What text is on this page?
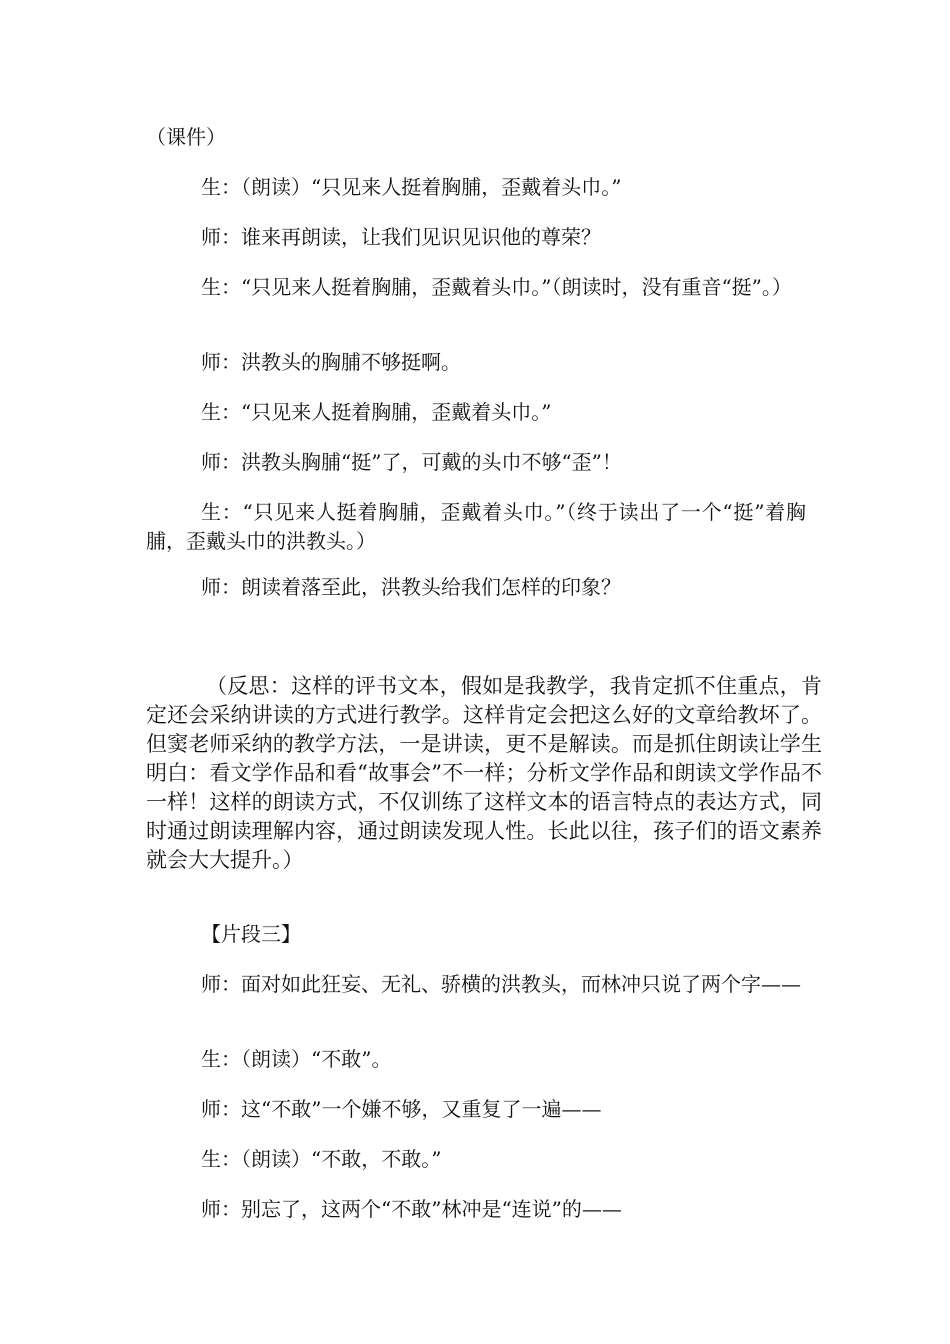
（课件）

生：（朗读）“只见来人挺着胸脯，歪戴着头巾。”

师：谁来再朗读，让我们见识见识他的尊荣？

生：“只见来人挺着胸脯，歪戴着头巾。”（朗读时，没有重音“挺”。）

师：洪教头的胸脯不够挺啊。

生：“只见来人挺着胸脯，歪戴着头巾。”

师：洪教头胸脯“挺”了，可戴的头巾不够“歪”！

生：“只见来人挺着胸脯，歪戴着头巾。”（终于读出了一个“挺”着胸脯，歪戴头巾的洪教头。）

师：朗读着落至此，洪教头给我们怎样的印象？

（反思：这样的评书文本，假如是我教学，我肯定抓不住重点，肯定还会采纳讲读的方式进行教学。这样肯定会把这么好的文章给教坏了。但窦老师采纳的教学方法，一是讲读，更不是解读。而是抓住朗读让学生明白：看文学作品和看“故事会”不一样；分析文学作品和朗读文学作品不一样！这样的朗读方式，不仅训练了这样文本的语言特点的表达方式，同时通过朗读理解内容，通过朗读发现人性。长此以往，孩子们的语文素养就会大大提升。）

【片段三】

师：面对如此狂妄、无礼、骄横的洪教头，而林冲只说了两个字——

生：（朗读）“不敢”。

师：这“不敢”一个嫌不够，又重复了一遍——

生：（朗读）“不敢，不敢。”

师：别忘了，这两个“不敢”林冲是“连说”的——
